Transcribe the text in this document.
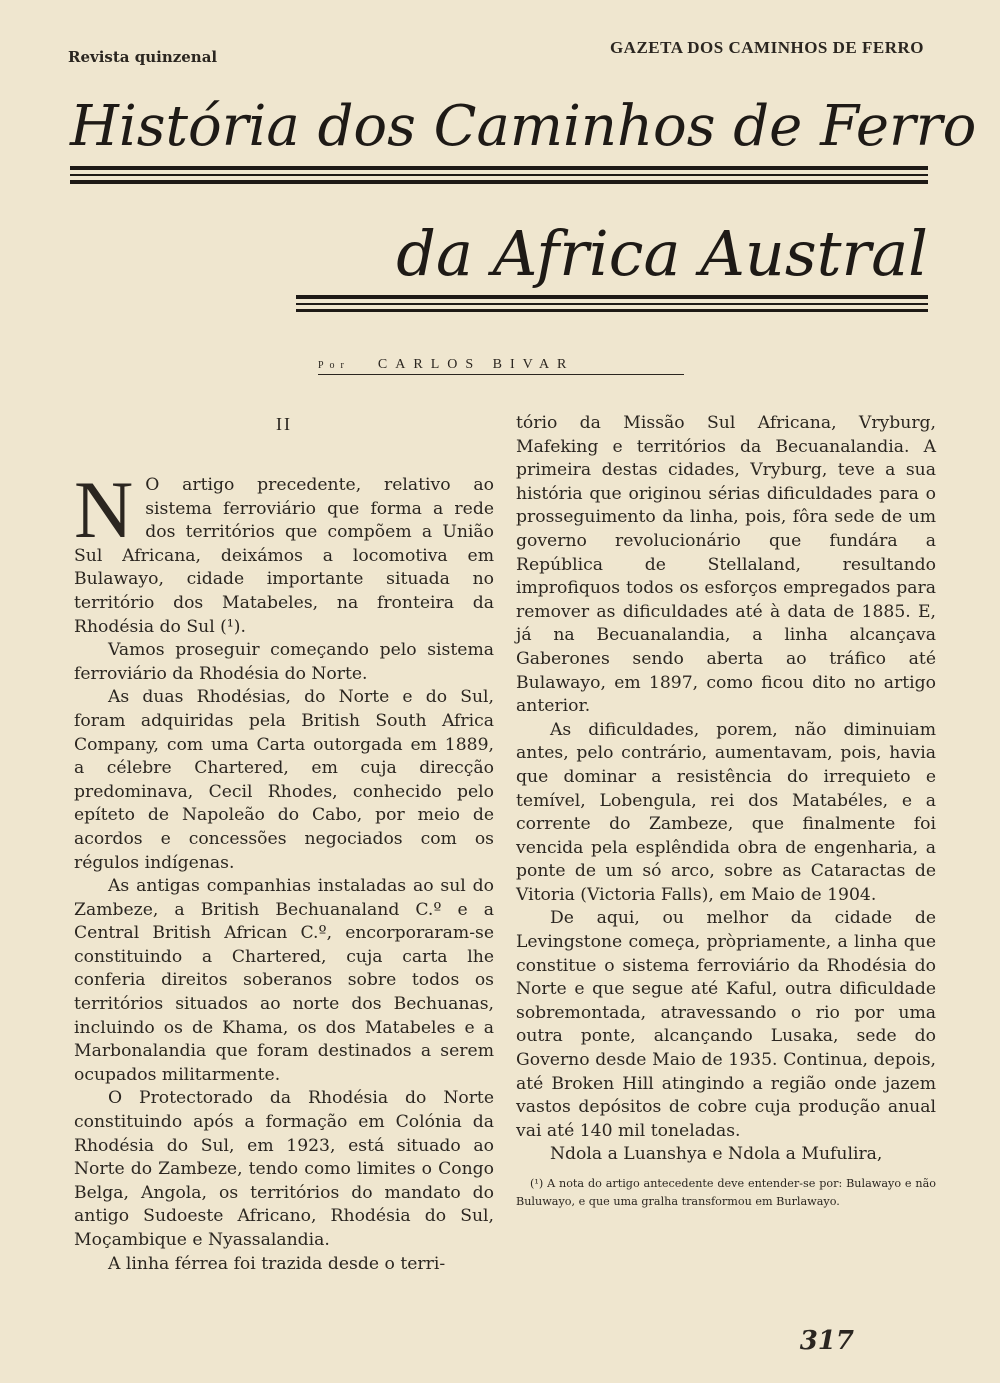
Revista quinzenal	GAZETA DOS CAMINHOS DE FERRO
História dos Caminhos de Ferro
da Africa Austral
Por CARLOS BIVAR
II

N O artigo precedente, relativo ao sistema ferroviário que forma a rede dos territórios que compõem a União Sul Africana, deixámos a locomotiva em Bulawayo, cidade importante situada no território dos Matabeles, na fronteira da Rhodésia do Sul (¹).

Vamos proseguir começando pelo sistema ferroviário da Rhodésia do Norte.

As duas Rhodésias, do Norte e do Sul, foram adquiridas pela British South Africa Company, com uma Carta outorgada em 1889, a célebre Chartered, em cuja direcção predominava, Cecil Rhodes, conhecido pelo epíteto de Napoleão do Cabo, por meio de acordos e concessões negociados com os régulos indígenas.

As antigas companhias instaladas ao sul do Zambeze, a British Bechuanaland C.º e a Central British African C.º, encorporaram-se constituindo a Chartered, cuja carta lhe conferia direitos soberanos sobre todos os territórios situados ao norte dos Bechuanas, incluindo os de Khama, os dos Matabeles e a Marbonalandia que foram destinados a serem ocupados militarmente.

O Protectorado da Rhodésia do Norte constituindo após a formação em Colónia da Rhodésia do Sul, em 1923, está situado ao Norte do Zambeze, tendo como limites o Congo Belga, Angola, os territórios do mandato do antigo Sudoeste Africano, Rhodésia do Sul, Moçambique e Nyassalandia.

A linha férrea foi trazida desde o terri-

tório da Missão Sul Africana, Vryburg, Mafeking e territórios da Becuanalandia. A primeira destas cidades, Vryburg, teve a sua história que originou sérias dificuldades para o prosseguimento da linha, pois, fôra sede de um governo revolucionário que fundára a República de Stellaland, resultando improfiquos todos os esforços empregados para remover as dificuldades até à data de 1885. E, já na Becuanalandia, a linha alcançava Gaberones sendo aberta ao tráfico até Bulawayo, em 1897, como ficou dito no artigo anterior.

As dificuldades, porem, não diminuiam antes, pelo contrário, aumentavam, pois, havia que dominar a resistência do irrequieto e temível, Lobengula, rei dos Matabéles, e a corrente do Zambeze, que finalmente foi vencida pela esplêndida obra de engenharia, a ponte de um só arco, sobre as Cataractas de Vitoria (Victoria Falls), em Maio de 1904.

De aqui, ou melhor da cidade de Levingstone começa, pròpriamente, a linha que constitue o sistema ferroviário da Rhodésia do Norte e que segue até Kaful, outra dificuldade sobremontada, atravessando o rio por uma outra ponte, alcançando Lusaka, sede do Governo desde Maio de 1935. Continua, depois, até Broken Hill atingindo a região onde jazem vastos depósitos de cobre cuja produção anual vai até 140 mil toneladas.

Ndola a Luanshya e Ndola a Mufulira,

(¹) A nota do artigo antecedente deve entender-se por: Bulawayo e não Buluwayo, e que uma gralha transformou em Burlawayo.
317
